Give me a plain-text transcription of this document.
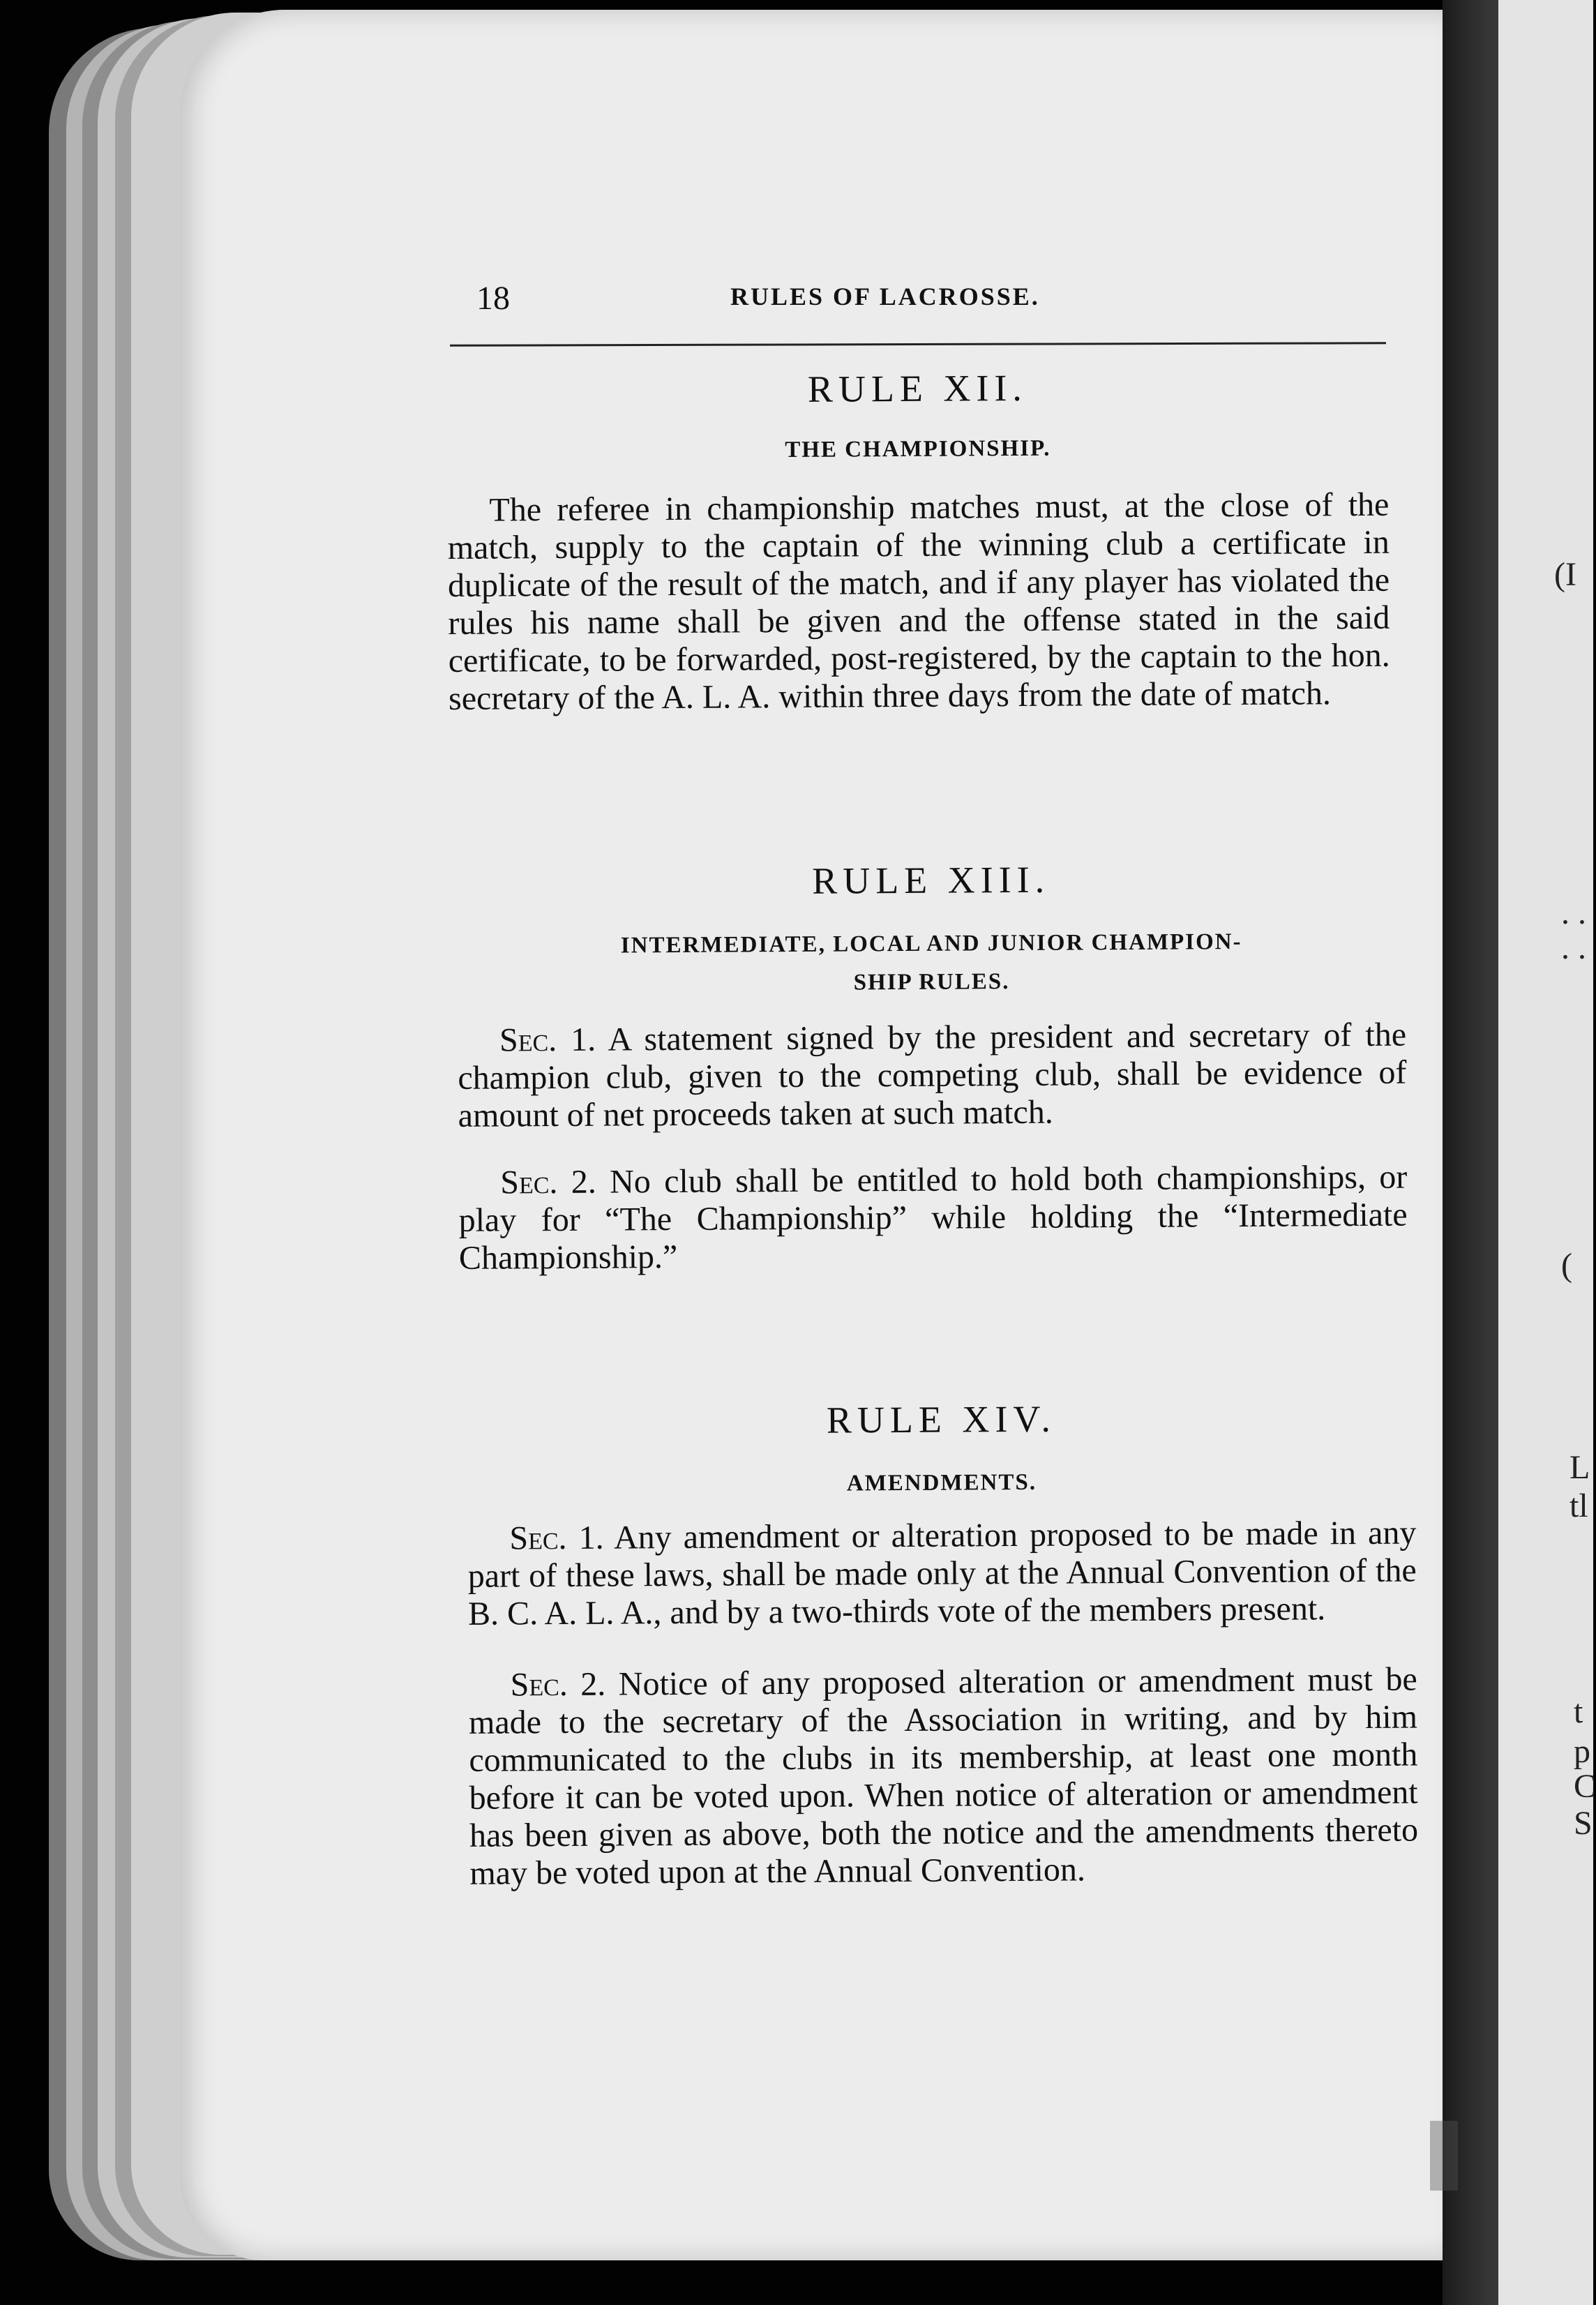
(I
. .
. .
(
L
tl
t
p
C
S
18	RULES OF LACROSSE.
RULE XII.
THE CHAMPIONSHIP.

The referee in championship matches must, at the close of the match, supply to the captain of the winning club a certificate in duplicate of the result of the match, and if any player has violated the rules his name shall be given and the offense stated in the said certificate, to be forwarded, post-registered, by the captain to the hon. secretary of the A. L. A. within three days from the date of match.

RULE XIII.
INTERMEDIATE, LOCAL AND JUNIOR CHAMPION-
SHIP RULES.

Sec. 1. A statement signed by the president and secretary of the champion club, given to the competing club, shall be evidence of amount of net proceeds taken at such match.

Sec. 2. No club shall be entitled to hold both championships, or play for “The Championship” while holding the “Intermediate Championship.”

RULE XIV.
AMENDMENTS.

Sec. 1. Any amendment or alteration proposed to be made in any part of these laws, shall be made only at the Annual Convention of the B. C. A. L. A., and by a two-thirds vote of the members present.

Sec. 2. Notice of any proposed alteration or amendment must be made to the secretary of the Association in writing, and by him communicated to the clubs in its membership, at least one month before it can be voted upon. When notice of alteration or amendment has been given as above, both the notice and the amendments thereto may be voted upon at the Annual Convention.
